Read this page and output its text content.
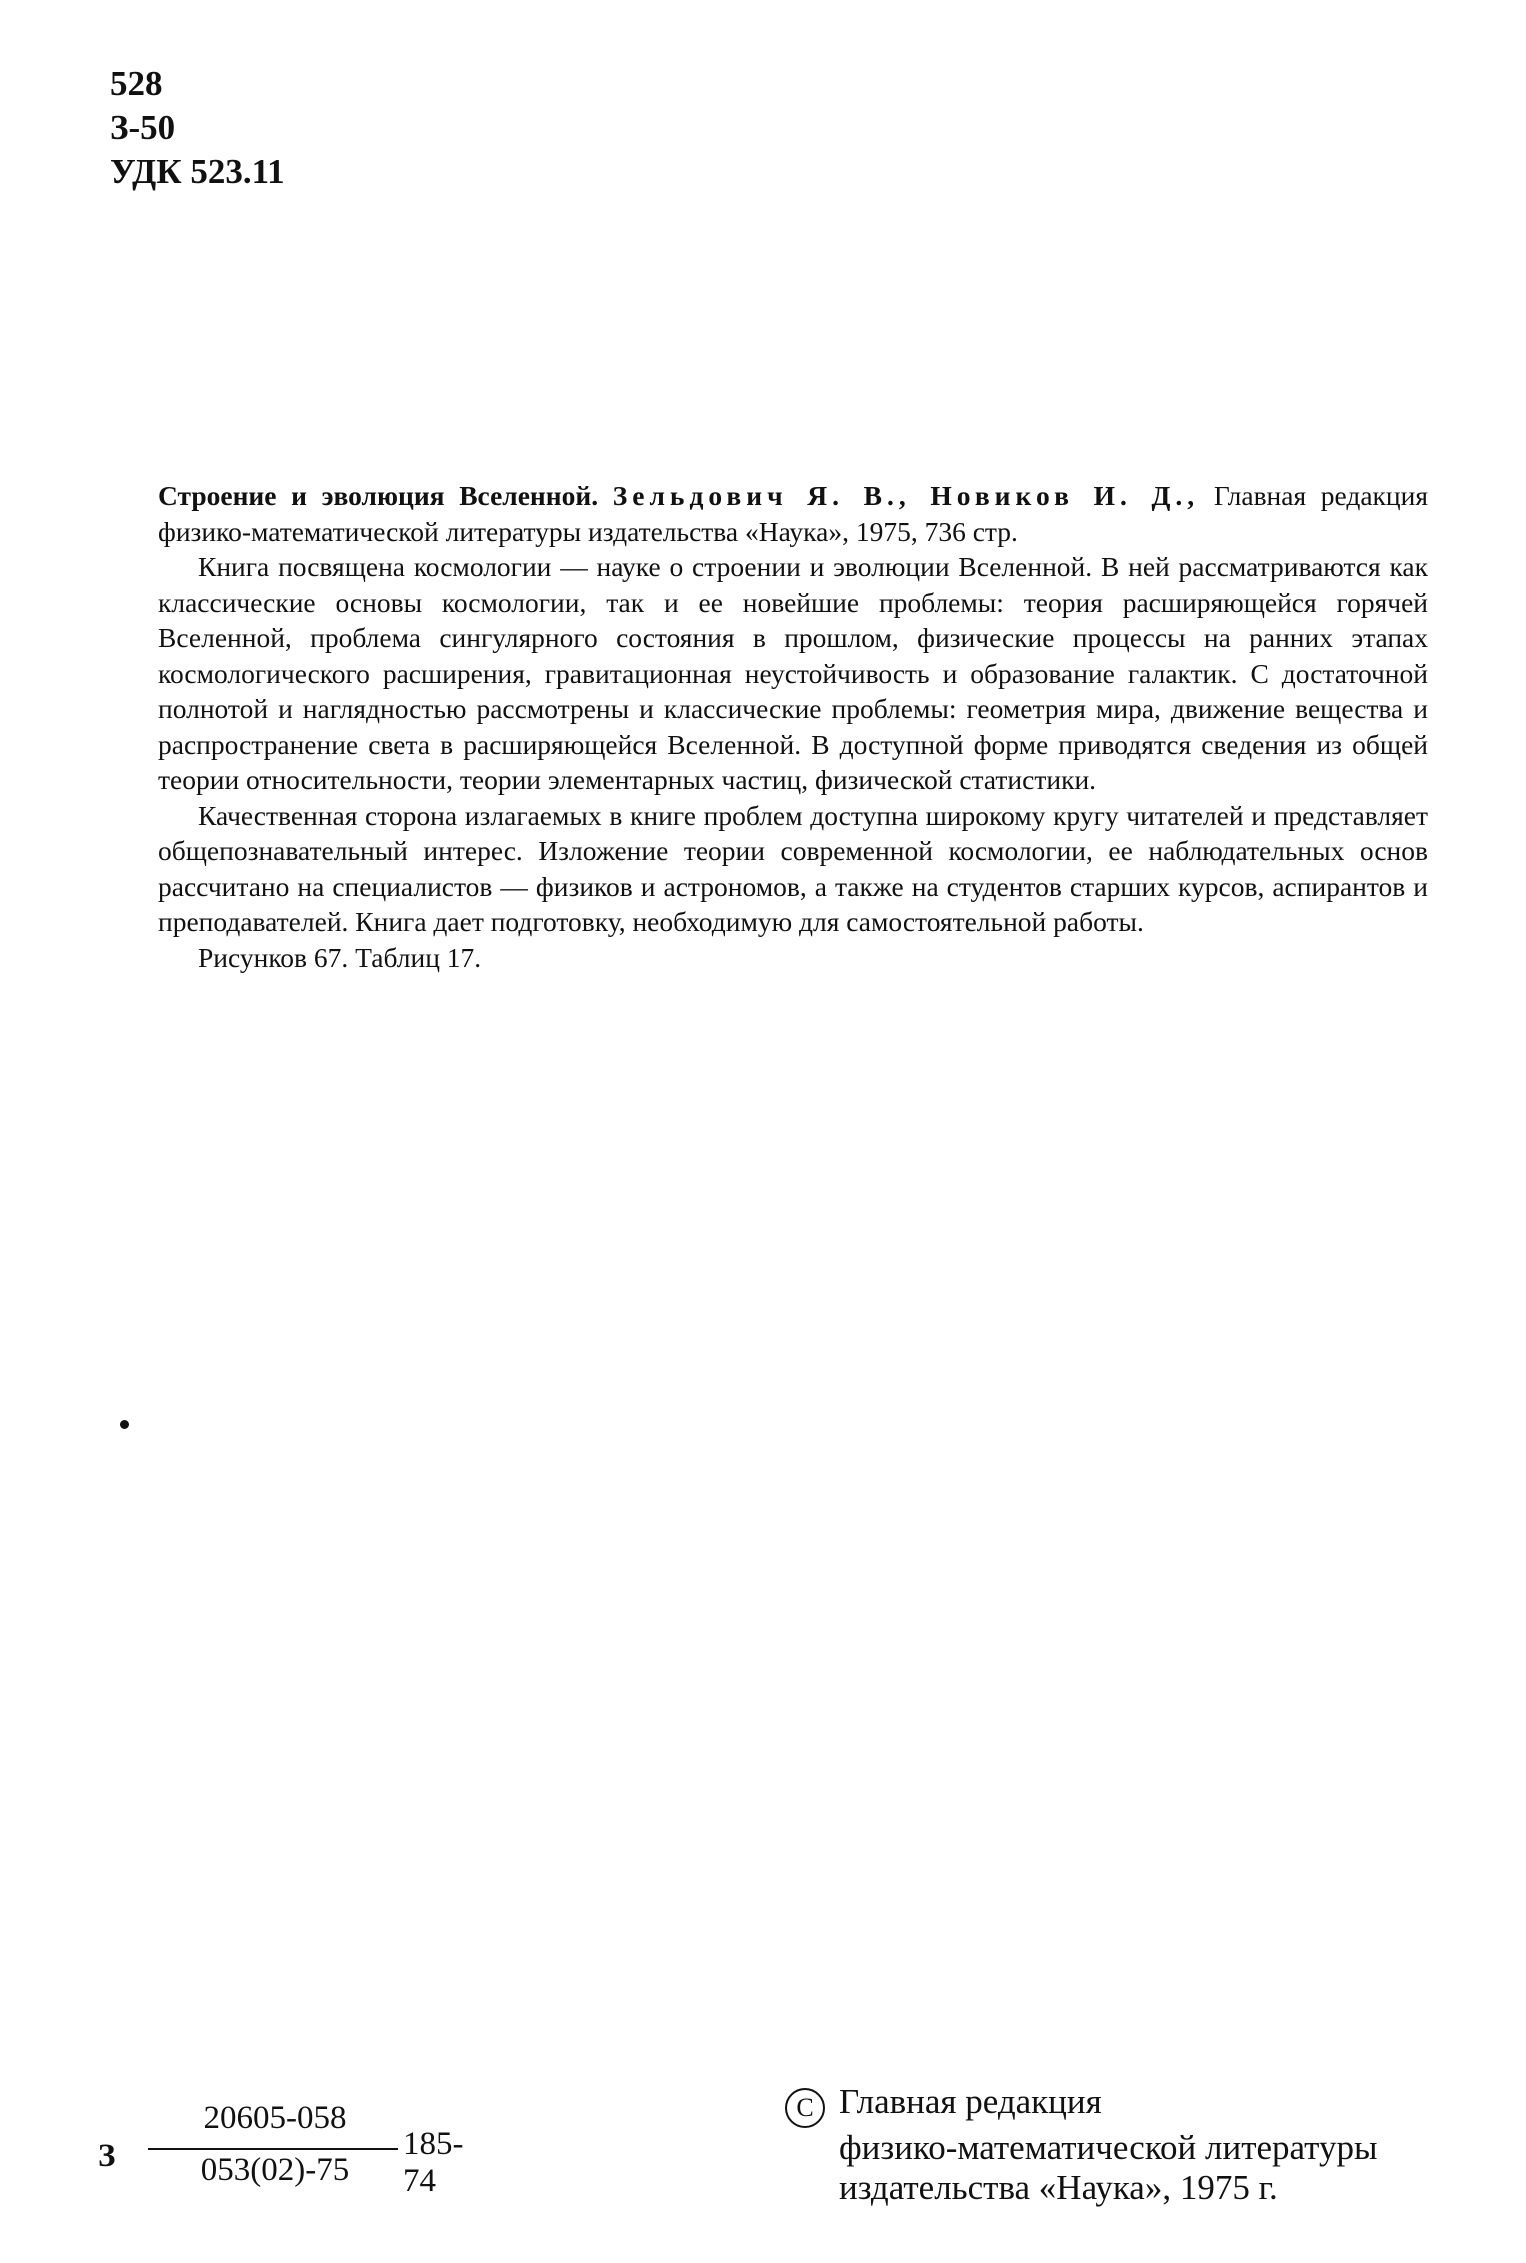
528
З-50
УДК 523.11

Строение и эволюция Вселенной. Зельдович Я. В., Новиков И. Д., Главная редакция физико-математической литературы издательства «Наука», 1975, 736 стр.

Книга посвящена космологии — науке о строении и эволюции Вселенной. В ней рассматриваются как классические основы космологии, так и ее новейшие проблемы: теория расширяющейся горячей Вселенной, проблема сингулярного состояния в прошлом, физические процессы на ранних этапах космологического расширения, гравитационная неустойчивость и образование галактик. С достаточной полнотой и наглядностью рассмотрены и классические проблемы: геометрия мира, движение вещества и распространение света в расширяющейся Вселенной. В доступной форме приводятся сведения из общей теории относительности, теории элементарных частиц, физической статистики.

Качественная сторона излагаемых в книге проблем доступна широкому кругу читателей и представляет общепознавательный интерес. Изложение теории современной космологии, ее наблюдательных основ рассчитано на специалистов — физиков и астрономов, а также на студентов старших курсов, аспирантов и преподавателей. Книга дает подготовку, необходимую для самостоятельной работы.

Рисунков 67. Таблиц 17.

З
20605-058
053(02)-75
185-74
C Главная редакция
физико-математической литературы
издательства «Наука», 1975 г.
